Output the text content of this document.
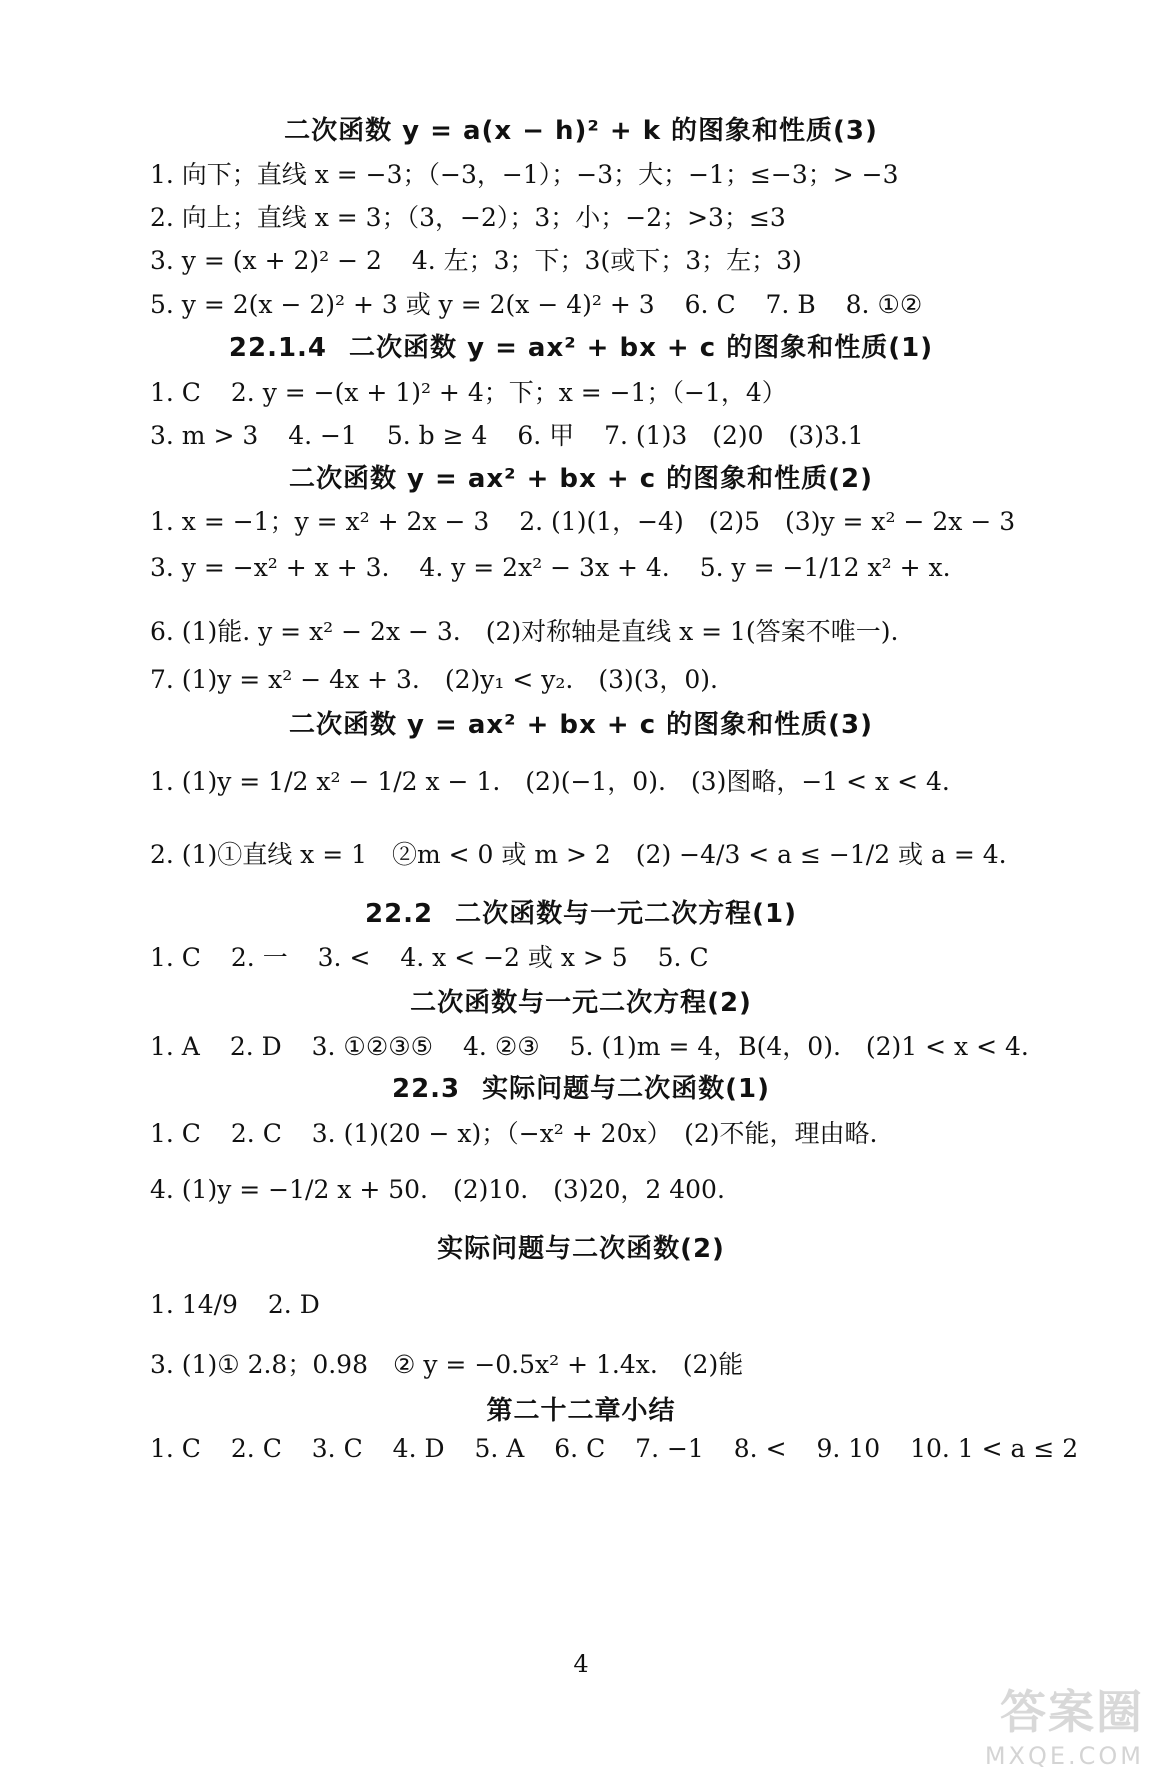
二次函数 y = a(x − h)² + k 的图象和性质(3)
1. 向下；直线 x = −3；（−3，−1）；−3；大；−1；≤−3；> −3
2. 向上；直线 x = 3；（3，−2）；3；小；−2；>3；≤3
3. y = (x + 2)² − 2 4. 左；3；下；3(或下；3；左；3)
5. y = 2(x − 2)² + 3 或 y = 2(x − 4)² + 3 6. C 7. B 8. ①②
22.1.4 二次函数 y = ax² + bx + c 的图象和性质(1)
1. C 2. y = −(x + 1)² + 4；下；x = −1；（−1，4）
3. m > 3 4. −1 5. b ≥ 4 6. 甲 7. (1)3　(2)0　(3)3.1
二次函数 y = ax² + bx + c 的图象和性质(2)
1. x = −1；y = x² + 2x − 3 2. (1)(1，−4)　(2)5　(3)y = x² − 2x − 3
3. y = −x² + x + 3. 4. y = 2x² − 3x + 4. 5. y = −1/12 x² + x.
6. (1)能. y = x² − 2x − 3.　(2)对称轴是直线 x = 1(答案不唯一).
7. (1)y = x² − 4x + 3.　(2)y₁ < y₂.　(3)(3，0).
二次函数 y = ax² + bx + c 的图象和性质(3)
1. (1)y = 1/2 x² − 1/2 x − 1.　(2)(−1，0).　(3)图略，−1 < x < 4.
2. (1)①直线 x = 1　②m < 0 或 m > 2　(2) −4/3 < a ≤ −1/2 或 a = 4.
22.2 二次函数与一元二次方程(1)
1. C 2. 一 3. < 4. x < −2 或 x > 5 5. C
二次函数与一元二次方程(2)
1. A 2. D 3. ①②③⑤ 4. ②③ 5. (1)m = 4，B(4，0).　(2)1 < x < 4.
22.3 实际问题与二次函数(1)
1. C 2. C 3. (1)(20 − x)；（−x² + 20x）　(2)不能，理由略.
4. (1)y = −1/2 x + 50.　(2)10.　(3)20，2 400.
实际问题与二次函数(2)
1. 14/9 2. D
3. (1)① 2.8；0.98　② y = −0.5x² + 1.4x.　(2)能
第二十二章小结
1. C 2. C 3. C 4. D 5. A 6. C 7. −1 8. < 9. 10 10. 1 < a ≤ 2
4
答案圈
MXQE.COM
